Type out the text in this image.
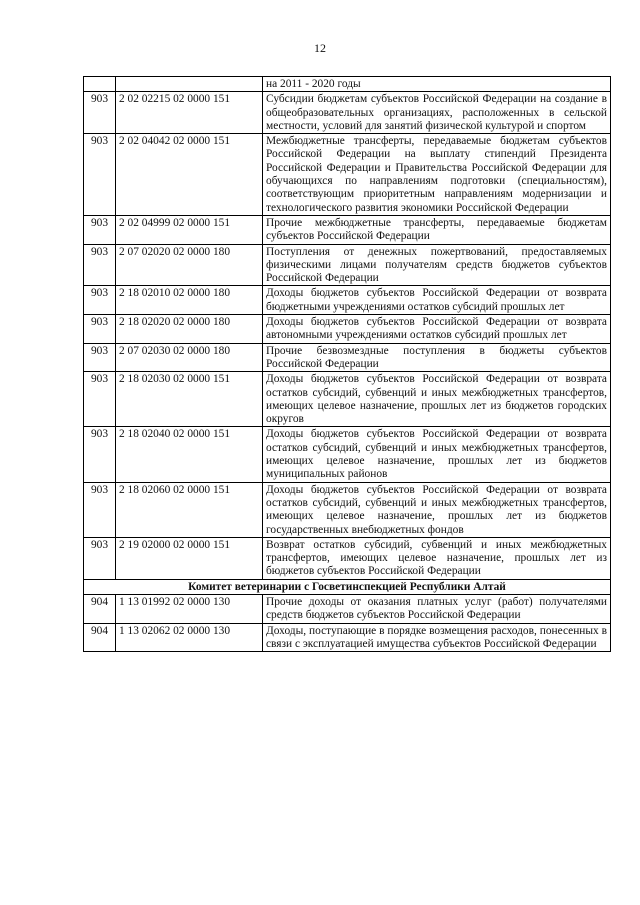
12
		на 2011 - 2020 годы
903	2 02 02215 02 0000 151	Субсидии бюджетам субъектов Российской Федерации на создание в общеобразовательных организациях, расположенных в сельской местности, условий для занятий физической культурой и спортом
903	2 02 04042 02 0000 151	Межбюджетные трансферты, передаваемые бюджетам субъектов Российской Федерации на выплату стипендий Президента Российской Федерации и Правительства Российской Федерации для обучающихся по направлениям подготовки (специальностям), соответствующим приоритетным направлениям модернизации и технологического развития экономики Российской Федерации
903	2 02 04999 02 0000 151	Прочие межбюджетные трансферты, передаваемые бюджетам субъектов Российской Федерации
903	2 07 02020 02 0000 180	Поступления от денежных пожертвований, предоставляемых физическими лицами получателям средств бюджетов субъектов Российской Федерации
903	2 18 02010 02 0000 180	Доходы бюджетов субъектов Российской Федерации от возврата бюджетными учреждениями остатков субсидий прошлых лет
903	2 18 02020 02 0000 180	Доходы бюджетов субъектов Российской Федерации от возврата автономными учреждениями остатков субсидий прошлых лет
903	2 07 02030 02 0000 180	Прочие безвозмездные поступления в бюджеты субъектов Российской Федерации
903	2 18 02030 02 0000 151	Доходы бюджетов субъектов Российской Федерации от возврата остатков субсидий, субвенций и иных межбюджетных трансфертов, имеющих целевое назначение, прошлых лет из бюджетов городских округов
903	2 18 02040 02 0000 151	Доходы бюджетов субъектов Российской Федерации от возврата остатков субсидий, субвенций и иных межбюджетных трансфертов, имеющих целевое назначение, прошлых лет из бюджетов муниципальных районов
903	2 18 02060 02 0000 151	Доходы бюджетов субъектов Российской Федерации от возврата остатков субсидий, субвенций и иных межбюджетных трансфертов, имеющих целевое назначение, прошлых лет из бюджетов государственных внебюджетных фондов
903	2 19 02000 02 0000 151	Возврат остатков субсидий, субвенций и иных межбюджетных трансфертов, имеющих целевое назначение, прошлых лет из бюджетов субъектов Российской Федерации
Комитет ветеринарии с Госветинспекцией Республики Алтай		
904	1 13 01992 02 0000 130	Прочие доходы от оказания платных услуг (работ) получателями средств бюджетов субъектов Российской Федерации
904	1 13 02062 02 0000 130	Доходы, поступающие в порядке возмещения расходов, понесенных в связи с эксплуатацией имущества субъектов Российской Федерации
